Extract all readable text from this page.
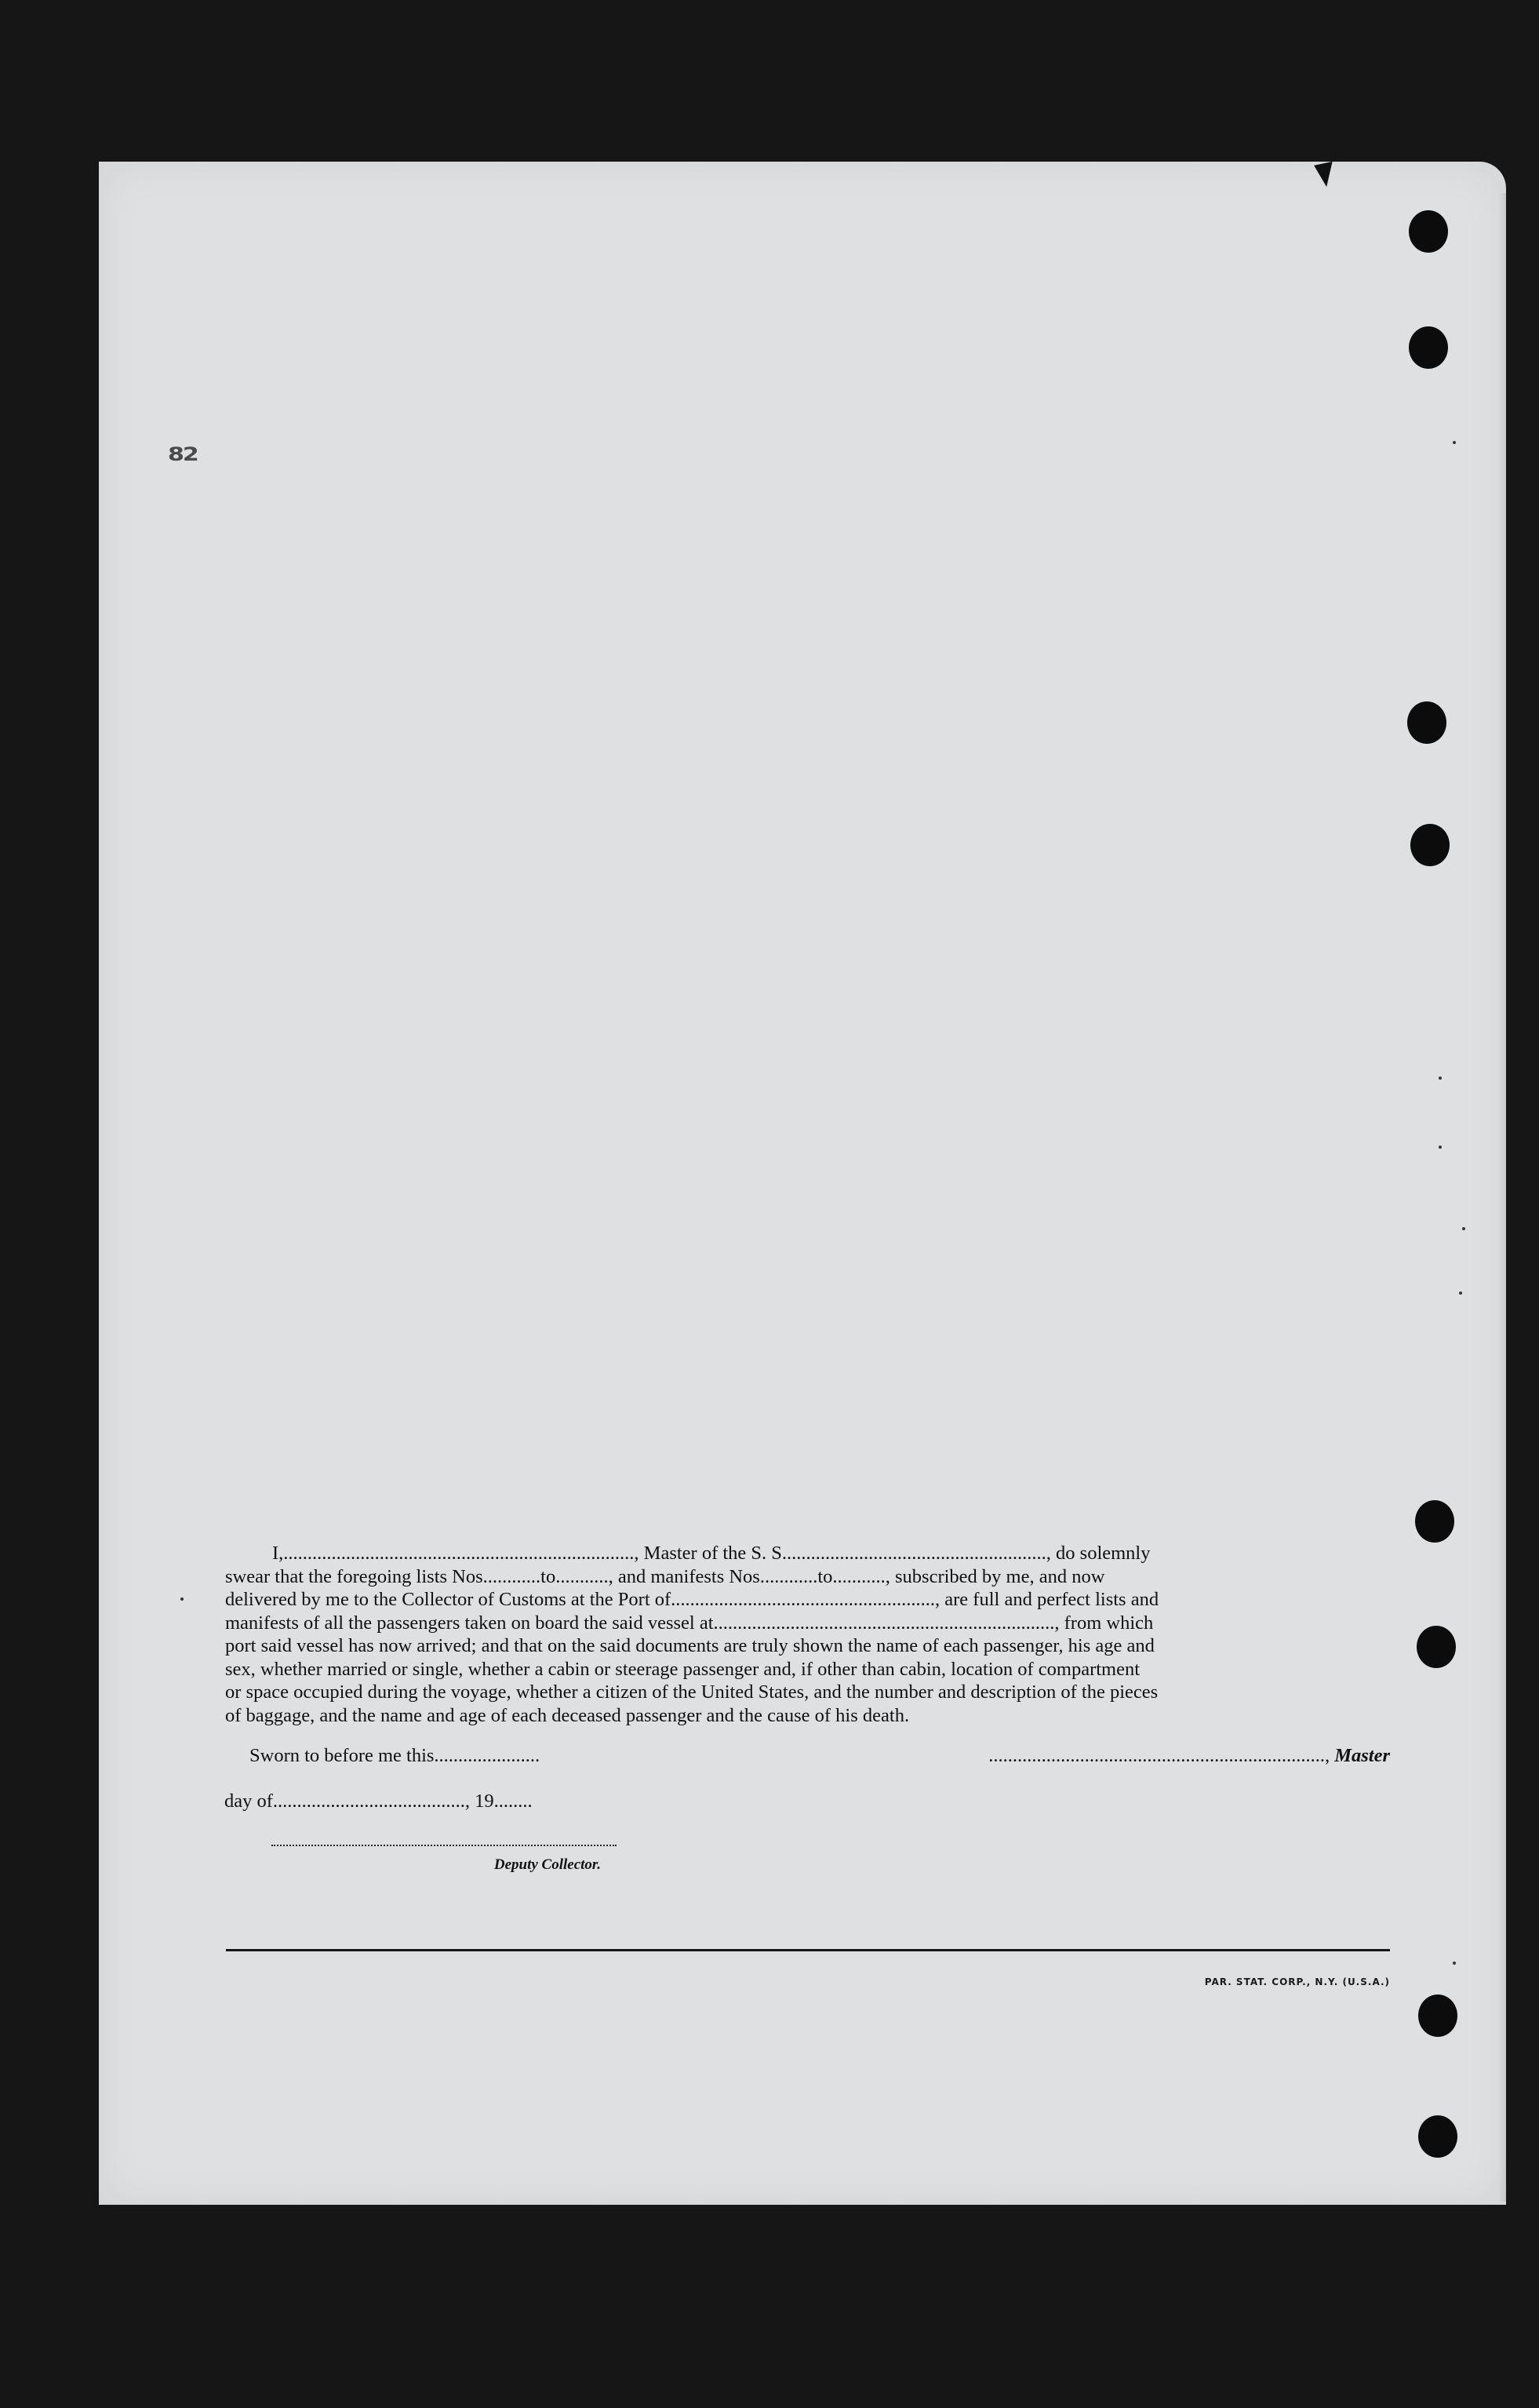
82
I,........................................................................., Master of the S. S......................................................., do solemnly
swear that the foregoing lists Nos............to..........., and manifests Nos............to..........., subscribed by me, and now
delivered by me to the Collector of Customs at the Port of......................................................., are full and perfect lists and
manifests of all the passengers taken on board the said vessel at......................................................................., from which
port said vessel has now arrived; and that on the said documents are truly shown the name of each passenger, his age and
sex, whether married or single, whether a cabin or steerage passenger and, if other than cabin, location of compartment
or space occupied during the voyage, whether a citizen of the United States, and the number and description of the pieces
of baggage, and the name and age of each deceased passenger and the cause of his death.
Sworn to before me this......................	......................................................................, Master
day of........................................, 19........
Deputy Collector.
PAR. STAT. CORP., N.Y. (U.S.A.)
